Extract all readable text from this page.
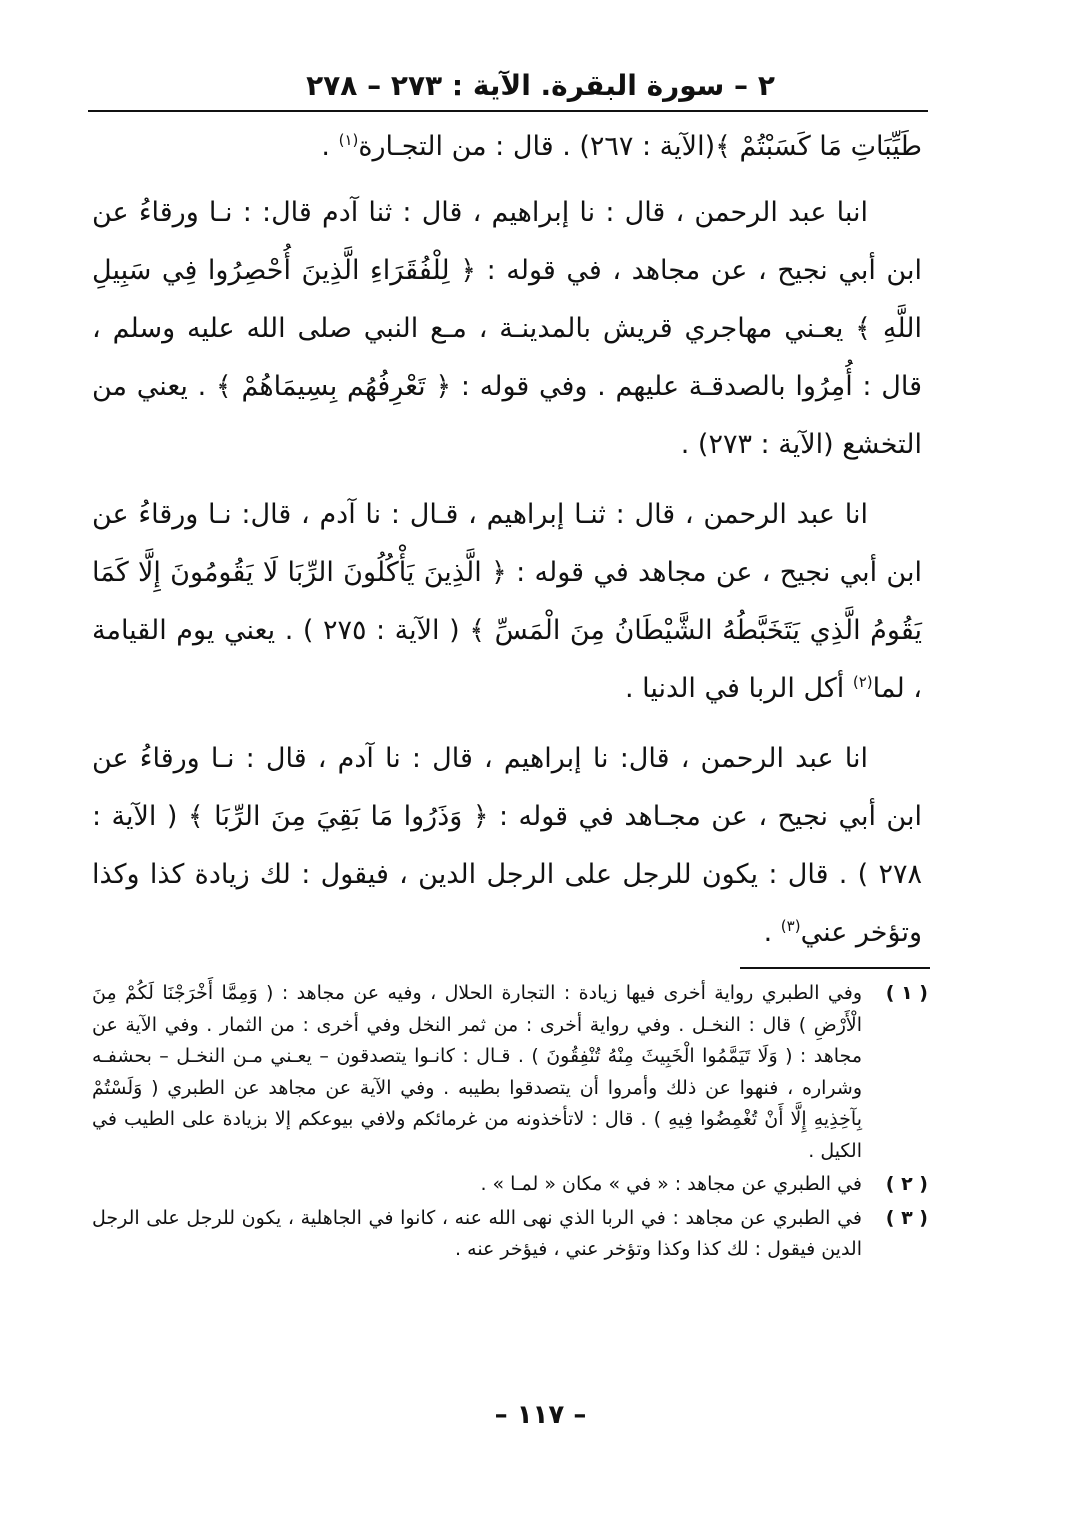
٢ – سورة البقرة. الآية : ٢٧٣ – ٢٧٨

طَيِّبَاتِ مَا كَسَبْتُمْ ﴾(الآية : ٢٦٧) . قال : من التجـارة$^{(١)}$ .

انبا عبد الرحمن ، قال : نا إبراهيم ، قال : ثنا آدم قال: : نـا ورقاءُ عن ابن أبي نجيح ، عن مجاهد ، في قوله : ﴿ لِلْفُقَرَاءِ الَّذِينَ أُحْصِرُوا فِي سَبِيلِ اللَّهِ ﴾ يعـني مهاجري قريش بالمدينـة ، مـع النبي صلى الله عليه وسلم ، قال : أُمِرُوا بالصدقـة عليهم . وفي قوله : ﴿ تَعْرِفُهُم بِسِيمَاهُمْ ﴾ . يعني من التخشع (الآية : ٢٧٣) .

انا عبد الرحمن ، قال : ثنـا إبراهيم ، قـال : نا آدم ، قال: نـا ورقاءُ عن ابن أبي نجيح ، عن مجاهد في قوله : ﴿ الَّذِينَ يَأْكُلُونَ الرِّبَا لَا يَقُومُونَ إِلَّا كَمَا يَقُومُ الَّذِي يَتَخَبَّطُهُ الشَّيْطَانُ مِنَ الْمَسِّ ﴾ ( الآية : ٢٧٥ ) . يعني يوم القيامة ، لما$^{(٢)}$ أكل الربا في الدنيا .

انا عبد الرحمن ، قال: نا إبراهيم ، قال : نا آدم ، قال : نـا ورقاءُ عن ابن أبي نجيح ، عن مجـاهد في قوله : ﴿ وَذَرُوا مَا بَقِيَ مِنَ الرِّبَا ﴾ ( الآية : ٢٧٨ ) . قال : يكون للرجل على الرجل الدين ، فيقول : لك زيادة كذا وكذا وتؤخر عني$^{(٣)}$ .

( ١ )
وفي الطبري رواية أخرى فيها زيادة : التجارة الحلال ، وفيه عن مجاهد : ( وَمِمَّا أَخْرَجْنَا لَكُمْ مِنَ الْأَرْضِ ) قال : النخـل . وفي رواية أخرى : من ثمر النخل وفي أخرى : من الثمار . وفي الآية عن مجاهد : ( وَلَا تَيَمَّمُوا الْخَبِيثَ مِنْهُ تُنْفِقُونَ ) . قـال : كانـوا يتصدقون – يعـني مـن النخـل – بحشفـه وشراره ، فنهوا عن ذلك وأمروا أن يتصدقوا بطيبه . وفي الآية عن مجاهد عن الطبري ( وَلَسْتُمْ بِآخِذِيهِ إِلَّا أَنْ تُغْمِضُوا فِيهِ ) . قال : لاتأخذونه من غرمائكم ولافي بيوعكم إلا بزيادة على الطيب في الكيل .
( ٢ )
في الطبري عن مجاهد : « في » مكان « لمـا » .
( ٣ )
في الطبري عن مجاهد : في الربا الذي نهى الله عنه ، كانوا في الجاهلية ، يكون للرجل على الرجل الدين فيقول : لك كذا وكذا وتؤخر عني ، فيؤخر عنه .
– ١١٧ –
